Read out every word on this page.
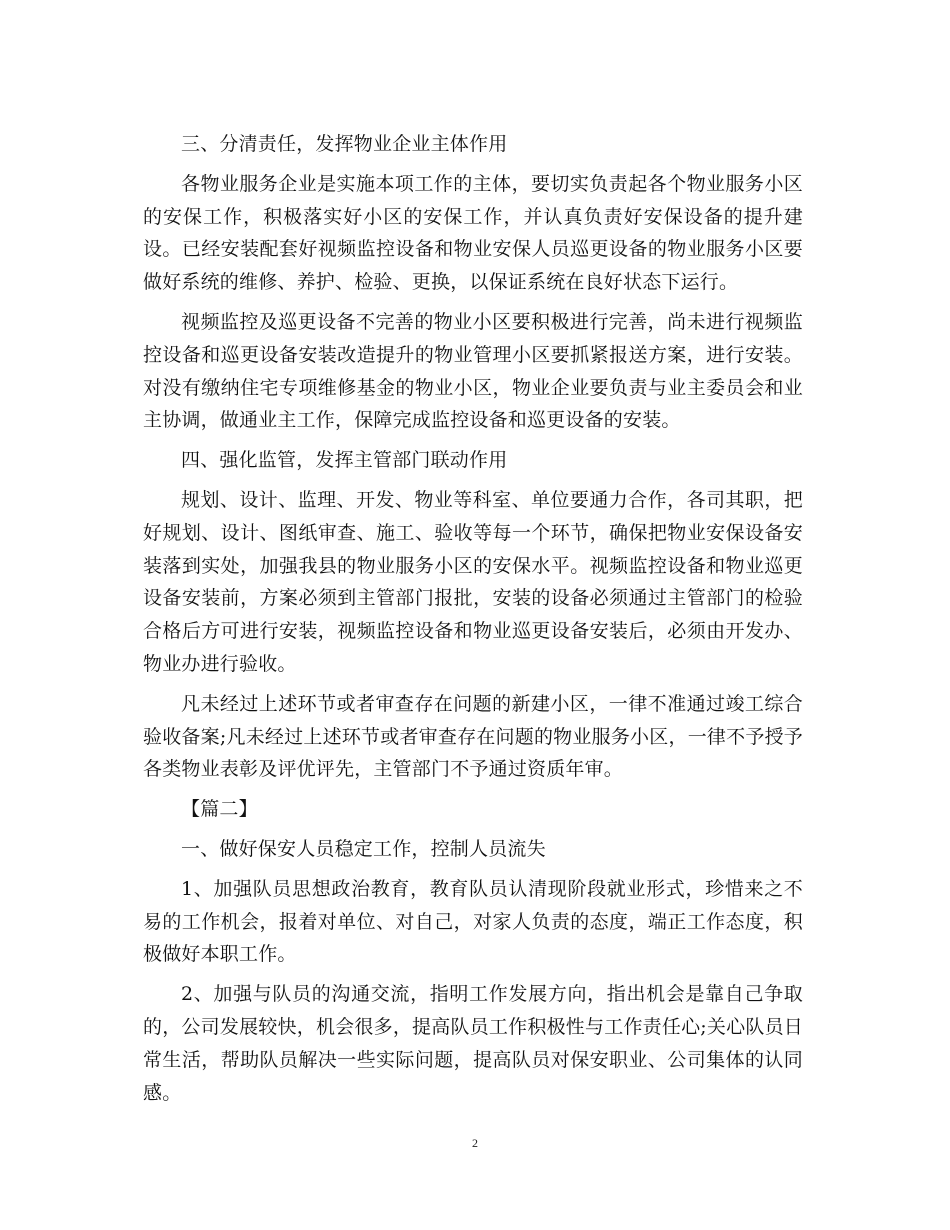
三、分清责任，发挥物业企业主体作用

各物业服务企业是实施本项工作的主体，要切实负责起各个物业服务小区的安保工作，积极落实好小区的安保工作，并认真负责好安保设备的提升建设。已经安装配套好视频监控设备和物业安保人员巡更设备的物业服务小区要做好系统的维修、养护、检验、更换，以保证系统在良好状态下运行。

视频监控及巡更设备不完善的物业小区要积极进行完善，尚未进行视频监控设备和巡更设备安装改造提升的物业管理小区要抓紧报送方案，进行安装。对没有缴纳住宅专项维修基金的物业小区，物业企业要负责与业主委员会和业主协调，做通业主工作，保障完成监控设备和巡更设备的安装。

四、强化监管，发挥主管部门联动作用

规划、设计、监理、开发、物业等科室、单位要通力合作，各司其职，把好规划、设计、图纸审查、施工、验收等每一个环节，确保把物业安保设备安装落到实处，加强我县的物业服务小区的安保水平。视频监控设备和物业巡更设备安装前，方案必须到主管部门报批，安装的设备必须通过主管部门的检验合格后方可进行安装，视频监控设备和物业巡更设备安装后，必须由开发办、物业办进行验收。

凡未经过上述环节或者审查存在问题的新建小区，一律不准通过竣工综合验收备案;凡未经过上述环节或者审查存在问题的物业服务小区，一律不予授予各类物业表彰及评优评先，主管部门不予通过资质年审。

【篇二】

一、做好保安人员稳定工作，控制人员流失

1、加强队员思想政治教育，教育队员认清现阶段就业形式，珍惜来之不易的工作机会，报着对单位、对自己，对家人负责的态度，端正工作态度，积极做好本职工作。

2、加强与队员的沟通交流，指明工作发展方向，指出机会是靠自己争取的，公司发展较快，机会很多，提高队员工作积极性与工作责任心;关心队员日常生活，帮助队员解决一些实际问题，提高队员对保安职业、公司集体的认同感。

2
